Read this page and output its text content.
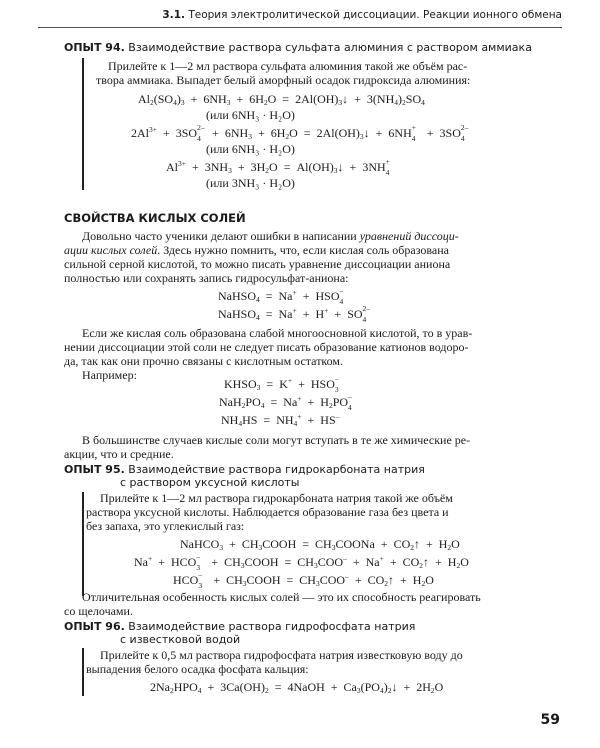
3.1. Теория электролитической диссоциации. Реакции ионного обмена
ОПЫТ 94. Взаимодействие раствора сульфата алюминия с раствором аммиака
Прилейте к 1—2 мл раствора сульфата алюминия такой же объём рас-
твора аммиака. Выпадет белый аморфный осадок гидроксида алюминия:
$Al_2(SO_4)_3 + 6NH_3 + 6H_2O$  =  $2Al(OH)_3↓ + 3(NH_4)_2SO_4$
(или 6NH₃ · H₂O)
$2Al^{3+} + 3SO$ 2–
$4 + 6NH_3 + 6H_2O$  =  $2Al(OH)_3↓ + 6NH$ +
4 +  3SO 2–
4
(или 6NH₃ · H₂O)
$Al^{3+} + 3NH_3 + 3H_2O$  =  $Al(OH)_3↓ + 3NH$ +
4
(или 3NH₃ · H₂O)
СВОЙСТВА КИСЛЫХ СОЛЕЙ
Довольно часто ученики делают ошибки в написании уравнений диссоци-
ации кислых солей. Здесь нужно помнить, что, если кислая соль образована
сильной серной кислотой, то можно писать уравнение диссоциации аниона
полностью или сохранять запись гидросульфат-аниона:
NaHSO$_4$  =  Na+  +  HSO –
4
NaHSO$_4$  =  Na+  +  H+  +  SO 2–
4
Если же кислая соль образована слабой многоосновной кислотой, то в урав-
нении диссоциации этой соли не следует писать образование катионов водоро-
да, так как они прочно связаны с кислотным остатком.
Например:
$KHSO_3 = K^+$  +  HSO –
3
$NaH_2PO_4 = Na^+ + H_2PO$ –
4
$NH_4HS = NH_4^+ + HS^-$
В большинстве случаев кислые соли могут вступать в те же химические ре-
акции, что и средние.
ОПЫТ 95. Взаимодействие раствора гидрокарбоната натрия
с раствором уксусной кислоты
Прилейте к 1—2 мл раствора гидрокарбоната натрия такой же объём
раствора уксусной кислоты. Наблюдается образование газа без цвета и
без запаха, это углекислый газ:
NaHCO$_3$  +  $CH_3COOH$  =  $CH_3COONa$  +  $CO_2↑ + H_2O$
Na+  +  HCO –
$3 + CH_3COOH = CH_3COO^- + Na^+$  +  $CO_2↑ + H_2O$
HCO –
$3 + CH_3COOH = CH_3COO^-$  +  $CO_2↑ + H_2O$
Отличительная особенность кислых солей — это их способность реагировать
со щелочами.
ОПЫТ 96. Взаимодействие раствора гидрофосфата натрия
с известковой водой
Прилейте к 0,5 мл раствора гидрофосфата натрия известковую воду до
выпадения белого осадка фосфата кальция:
$2Na_2HPO_4 + 3Ca(OH)_2$  =  4NaOH  +  $Ca_3(PO_4)_2↓ + 2H_2O$
59
